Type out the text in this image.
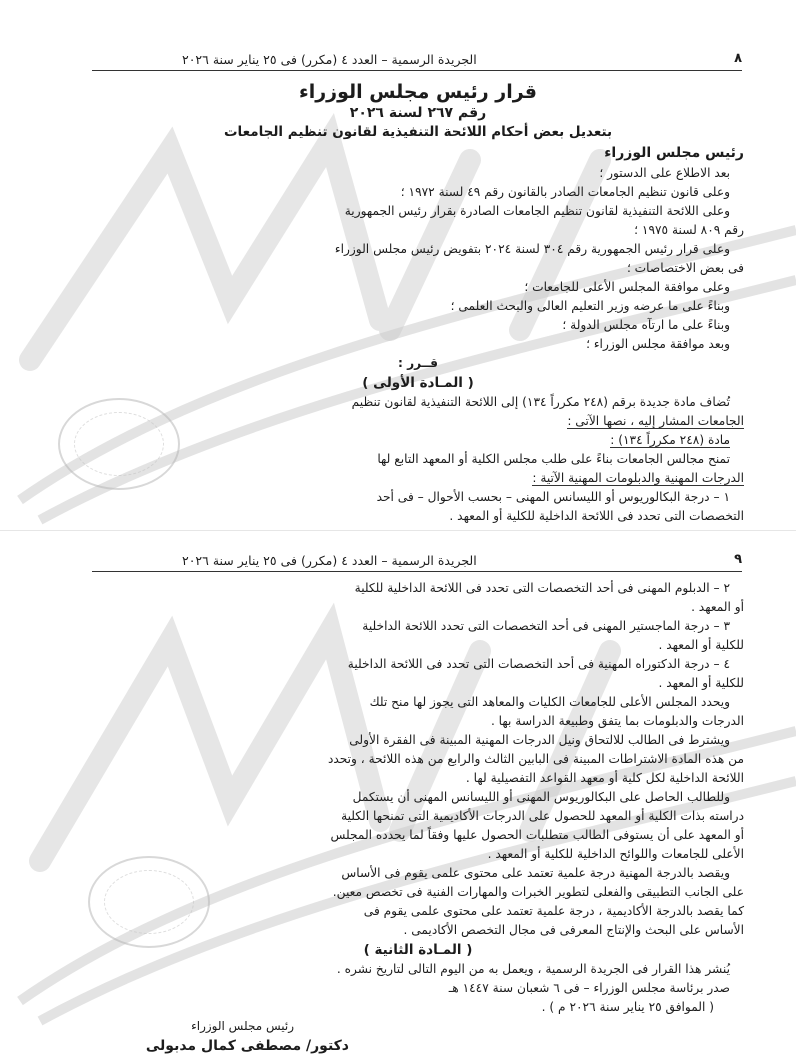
٨
الجريدة الرسمية – العدد ٤ (مكرر) فى ٢٥ يناير سنة ٢٠٢٦

قرار رئيس مجلس الوزراء

رقم ٢٦٧ لسنة ٢٠٢٦

بتعديل بعض أحكام اللائحة التنفيذية لقانون تنظيم الجامعات

رئيس مجلس الوزراء

بعد الاطلاع على الدستور ؛

وعلى قانون تنظيم الجامعات الصادر بالقانون رقم ٤٩ لسنة ١٩٧٢ ؛

وعلى اللائحة التنفيذية لقانون تنظيم الجامعات الصادرة بقرار رئيس الجمهورية

رقم ٨٠٩ لسنة ١٩٧٥ ؛

وعلى قرار رئيس الجمهورية رقم ٣٠٤ لسنة ٢٠٢٤ بتفويض رئيس مجلس الوزراء

فى بعض الاختصاصات ؛

وعلى موافقة المجلس الأعلى للجامعات ؛

وبناءً على ما عرضه وزير التعليم العالى والبحث العلمى ؛

وبناءً على ما ارتآه مجلس الدولة ؛

وبعد موافقة مجلس الوزراء ؛

قــرر :

( المـادة الأولى )

تُضاف مادة جديدة برقم (٢٤٨ مكرراً ١٣٤) إلى اللائحة التنفيذية لقانون تنظيم

الجامعات المشار إليه ، نصها الآتى :

مادة (٢٤٨ مكرراً ١٣٤) :

تمنح مجالس الجامعات بناءً على طلب مجلس الكلية أو المعهد التابع لها

الدرجات المهنية والدبلومات المهنية الآتية :

١ – درجة البكالوريوس أو الليسانس المهنى – بحسب الأحوال – فى أحد

التخصصات التى تحدد فى اللائحة الداخلية للكلية أو المعهد .

٩
الجريدة الرسمية – العدد ٤ (مكرر) فى ٢٥ يناير سنة ٢٠٢٦

٢ – الدبلوم المهنى فى أحد التخصصات التى تحدد فى اللائحة الداخلية للكلية

أو المعهد .

٣ – درجة الماجستير المهنى فى أحد التخصصات التى تحدد اللائحة الداخلية

للكلية أو المعهد .

٤ – درجة الدكتوراه المهنية فى أحد التخصصات التى تحدد فى اللائحة الداخلية

للكلية أو المعهد .

ويحدد المجلس الأعلى للجامعات الكليات والمعاهد التى يجوز لها منح تلك

الدرجات والدبلومات بما يتفق وطبيعة الدراسة بها .

ويشترط فى الطالب للالتحاق ونيل الدرجات المهنية المبينة فى الفقرة الأولى

من هذه المادة الاشتراطات المبينة فى البابين الثالث والرابع من هذه اللائحة ، وتحدد

اللائحة الداخلية لكل كلية أو معهد القواعد التفصيلية لها .

وللطالب الحاصل على البكالوريوس المهنى أو الليسانس المهنى أن يستكمل

دراسته بذات الكلية أو المعهد للحصول على الدرجات الأكاديمية التى تمنحها الكلية

أو المعهد على أن يستوفى الطالب متطلبات الحصول عليها وفقاً لما يحدده المجلس

الأعلى للجامعات واللوائح الداخلية للكلية أو المعهد .

ويقصد بالدرجة المهنية درجة علمية تعتمد على محتوى علمى يقوم فى الأساس

على الجانب التطبيقى والفعلى لتطوير الخبرات والمهارات الفنية فى تخصص معين.

كما يقصد بالدرجة الأكاديمية ، درجة علمية تعتمد على محتوى علمى يقوم فى

الأساس على البحث والإنتاج المعرفى فى مجال التخصص الأكاديمى .

( المـادة الثانية )

يُنشر هذا القرار فى الجريدة الرسمية ، ويعمل به من اليوم التالى لتاريخ نشره .

صدر برئاسة مجلس الوزراء – فى ٦ شعبان سنة ١٤٤٧ هـ

( الموافق ٢٥ يناير سنة ٢٠٢٦ م ) .

رئيس مجلس الوزراء

دكتور/ مصطفى كمال مدبولى
